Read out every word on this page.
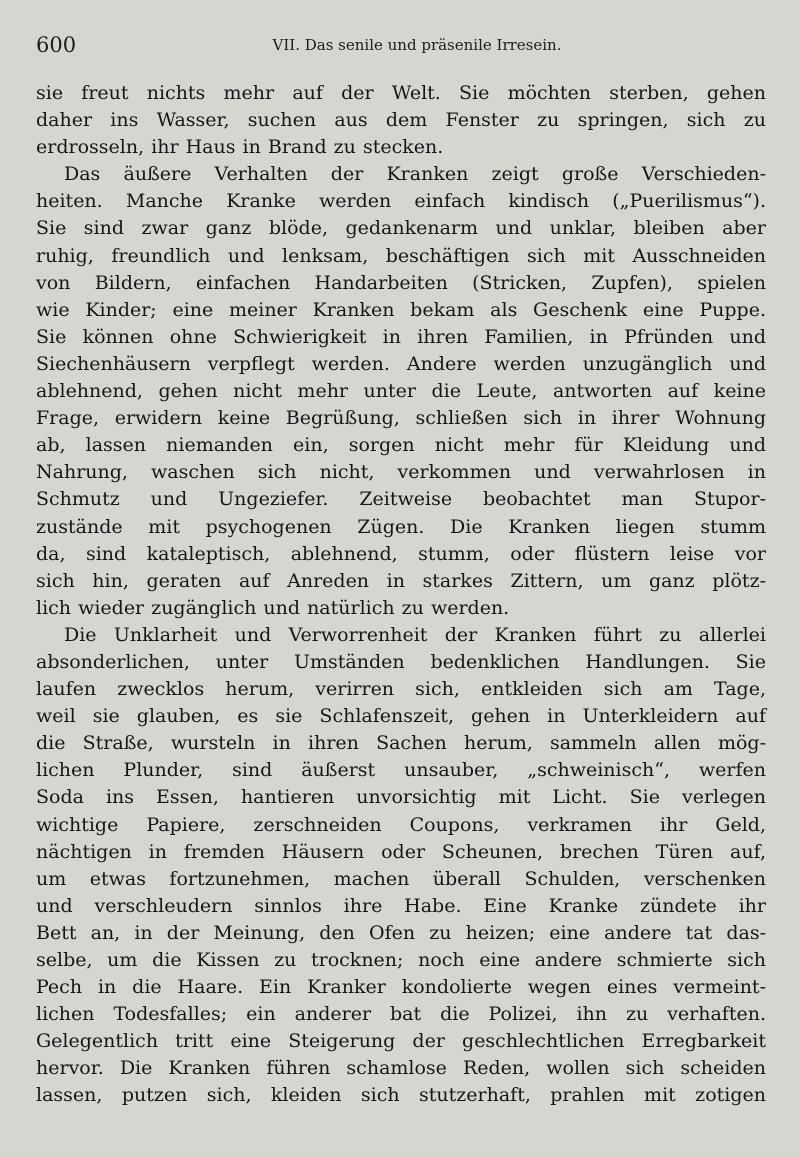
600	VII. Das senile und präsenile Irresein.
sie freut nichts mehr auf der Welt. Sie möchten sterben, gehen
daher ins Wasser, suchen aus dem Fenster zu springen, sich zu
erdrosseln, ihr Haus in Brand zu stecken.
Das äußere Verhalten der Kranken zeigt große Verschieden-
heiten. Manche Kranke werden einfach kindisch („Puerilismus“).
Sie sind zwar ganz blöde, gedankenarm und unklar, bleiben aber
ruhig, freundlich und lenksam, beschäftigen sich mit Ausschneiden
von Bildern, einfachen Handarbeiten (Stricken, Zupfen), spielen
wie Kinder; eine meiner Kranken bekam als Geschenk eine Puppe.
Sie können ohne Schwierigkeit in ihren Familien, in Pfründen und
Siechenhäusern verpflegt werden. Andere werden unzugänglich und
ablehnend, gehen nicht mehr unter die Leute, antworten auf keine
Frage, erwidern keine Begrüßung, schließen sich in ihrer Wohnung
ab, lassen niemanden ein, sorgen nicht mehr für Kleidung und
Nahrung, waschen sich nicht, verkommen und verwahrlosen in
Schmutz und Ungeziefer. Zeitweise beobachtet man Stupor-
zustände mit psychogenen Zügen. Die Kranken liegen stumm
da, sind kataleptisch, ablehnend, stumm, oder flüstern leise vor
sich hin, geraten auf Anreden in starkes Zittern, um ganz plötz-
lich wieder zugänglich und natürlich zu werden.
Die Unklarheit und Verworrenheit der Kranken führt zu allerlei
absonderlichen, unter Umständen bedenklichen Handlungen. Sie
laufen zwecklos herum, verirren sich, entkleiden sich am Tage,
weil sie glauben, es sie Schlafenszeit, gehen in Unterkleidern auf
die Straße, wursteln in ihren Sachen herum, sammeln allen mög-
lichen Plunder, sind äußerst unsauber, „schweinisch“, werfen
Soda ins Essen, hantieren unvorsichtig mit Licht. Sie verlegen
wichtige Papiere, zerschneiden Coupons, verkramen ihr Geld,
nächtigen in fremden Häusern oder Scheunen, brechen Türen auf,
um etwas fortzunehmen, machen überall Schulden, verschenken
und verschleudern sinnlos ihre Habe. Eine Kranke zündete ihr
Bett an, in der Meinung, den Ofen zu heizen; eine andere tat das-
selbe, um die Kissen zu trocknen; noch eine andere schmierte sich
Pech in die Haare. Ein Kranker kondolierte wegen eines vermeint-
lichen Todesfalles; ein anderer bat die Polizei, ihn zu verhaften.
Gelegentlich tritt eine Steigerung der geschlechtlichen Erregbarkeit
hervor. Die Kranken führen schamlose Reden, wollen sich scheiden
lassen, putzen sich, kleiden sich stutzerhaft, prahlen mit zotigen
